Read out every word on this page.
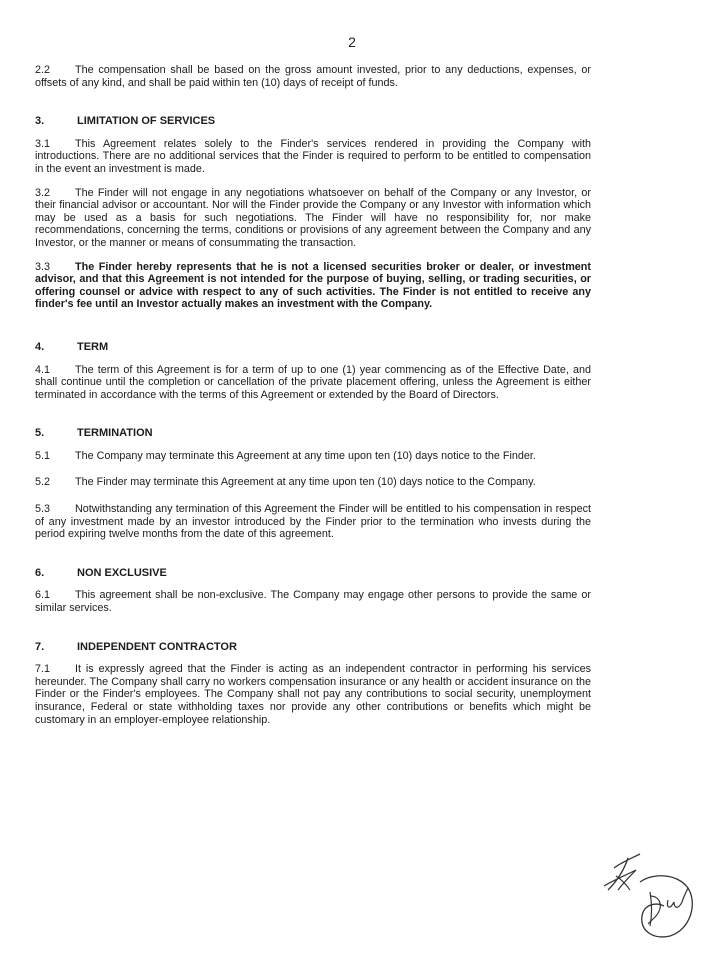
2

2.2 The compensation shall be based on the gross amount invested, prior to any deductions, expenses, or offsets of any kind, and shall be paid within ten (10) days of receipt of funds.

3.	LIMITATION OF SERVICES

3.1 This Agreement relates solely to the Finder's services rendered in providing the Company with introductions. There are no additional services that the Finder is required to perform to be entitled to compensation in the event an investment is made.

3.2 The Finder will not engage in any negotiations whatsoever on behalf of the Company or any Investor, or their financial advisor or accountant. Nor will the Finder provide the Company or any Investor with information which may be used as a basis for such negotiations. The Finder will have no responsibility for, nor make recommendations, concerning the terms, conditions or provisions of any agreement between the Company and any Investor, or the manner or means of consummating the transaction.

3.3 The Finder hereby represents that he is not a licensed securities broker or dealer, or investment advisor, and that this Agreement is not intended for the purpose of buying, selling, or trading securities, or offering counsel or advice with respect to any of such activities. The Finder is not entitled to receive any finder's fee until an Investor actually makes an investment with the Company.

4.	TERM

4.1 The term of this Agreement is for a term of up to one (1) year commencing as of the Effective Date, and shall continue until the completion or cancellation of the private placement offering, unless the Agreement is either terminated in accordance with the terms of this Agreement or extended by the Board of Directors.

5.	TERMINATION

5.1 The Company may terminate this Agreement at any time upon ten (10) days notice to the Finder.

5.2 The Finder may terminate this Agreement at any time upon ten (10) days notice to the Company.

5.3 Notwithstanding any termination of this Agreement the Finder will be entitled to his compensation in respect of any investment made by an investor introduced by the Finder prior to the termination who invests during the period expiring twelve months from the date of this agreement.

6.	NON EXCLUSIVE

6.1 This agreement shall be non-exclusive. The Company may engage other persons to provide the same or similar services.

7.	INDEPENDENT CONTRACTOR

7.1 It is expressly agreed that the Finder is acting as an independent contractor in performing his services hereunder. The Company shall carry no workers compensation insurance or any health or accident insurance on the Finder or the Finder's employees. The Company shall not pay any contributions to social security, unemployment insurance, Federal or state withholding taxes nor provide any other contributions or benefits which might be customary in an employer-employee relationship.
